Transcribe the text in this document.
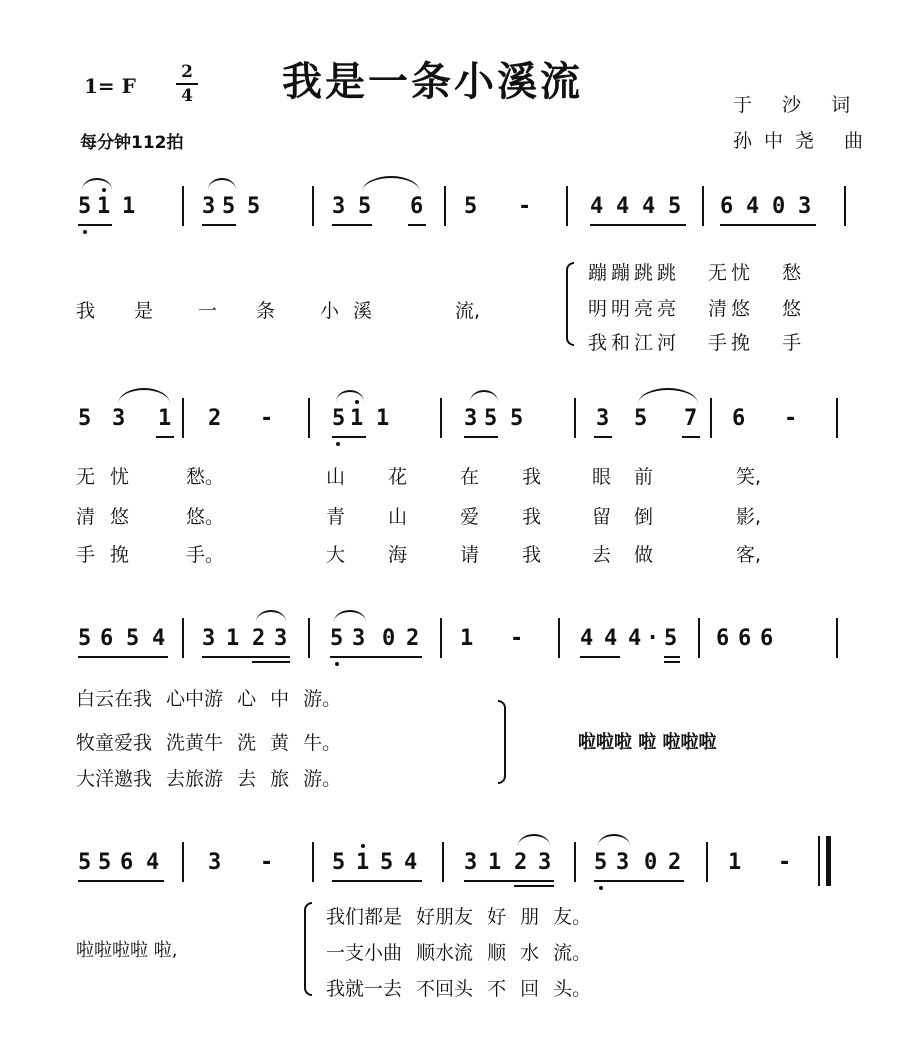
1= F
2
4
每分钟112拍
我是一条小溪流	于 沙 词
孙中尧 曲
5 1 1	3 5 5	3 5 6 5 -	4 4 4 5 6 4 0 3
我 是 一 条 小溪	流,
蹦蹦跳跳 无忧 愁
明明亮亮 清悠 悠
我和江河 手挽 手
5 3 1 2 -	5 1 1	3 5 5	3 5 7 6 -
无 忧	愁。	山 花	在 我	眼 前	笑,
清 悠	悠。	青 山	爱 我	留 倒	影,
手 挽	手。	大 海	请 我	去 做	客,
5 6 5 4 3 1 2 3 5 3 0 2 1 -	4 4 4 · 5 6 6 6
白云在我 心中游 心 中 游。
牧童爱我 洗黄牛 洗 黄 牛。
大洋邀我 去旅游 去 旅 游。
啦啦啦 啦 啦啦啦
5 5 6 4 3 -	5 1 5 4 3 1 2 3 5 3 0 2 1 -
啦啦啦啦 啦,
我们都是 好朋友 好 朋 友。
一支小曲 顺水流 顺 水 流。
我就一去 不回头 不 回 头。
